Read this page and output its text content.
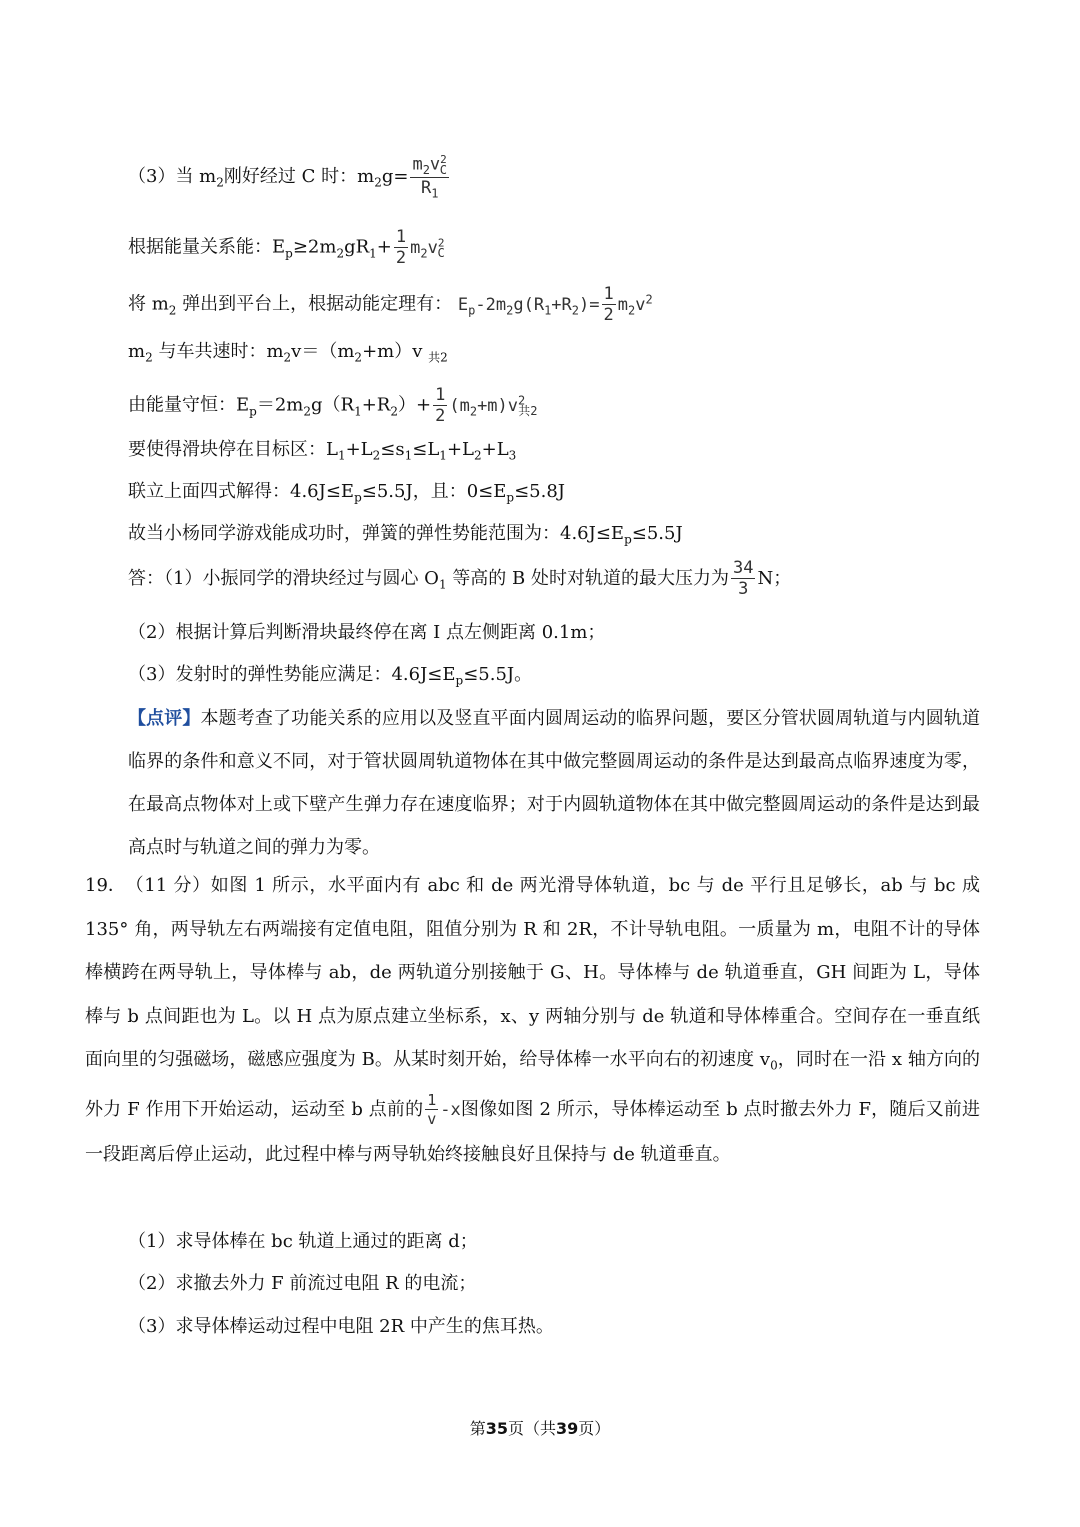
（3）当 $m_2$刚好经过 C 时：$m_2g= \frac{m_2v^2_C}{R_1}$
根据能量关系能：$E_p\ge 2m_2gR_1+ \frac{1}{2} m_2v^2_C$
将 $m_2$ 弹出到平台上，根据动能定理有： $E_p-2m_2g(R_1+R_2)= \frac{1}{2} m_2v^2$
$m_2$ 与车共速时：$m_2v=(m_2+m)v$ $_{共2}$
由能量守恒：$E_p=2m_2g(R_1+R_2)+ \frac{1}{2} (m_2+m)v^2_{共2}$
要使得滑块停在目标区：$L_1+L_2\le s_1\le L_1+L_2+L_3$
联立上面四式解得：$4.6J\le E_p\le 5.5J$，且：$0\le E_p\le 5.8J$
故当小杨同学游戏能成功时，弹簧的弹性势能范围为：$4.6J\le E_p\le 5.5J$
答：（1）小振同学的滑块经过与圆心 $O_1$ 等高的 B 处时对轨道的最大压力为 $\frac{34}{3}$ N；
（2）根据计算后判断滑块最终停在离 I 点左侧距离 0.1m；
（3）发射时的弹性势能应满足：$4.6J\le E_p\le 5.5J$。
【点评】本题考查了功能关系的应用以及竖直平面内圆周运动的临界问题，要区分管状圆周轨道与内圆轨道临界的条件和意义不同，对于管状圆周轨道物体在其中做完整圆周运动的条件是达到最高点临界速度为零，在最高点物体对上或下壁产生弹力存在速度临界；对于内圆轨道物体在其中做完整圆周运动的条件是达到最高点时与轨道之间的弹力为零。
19．（11 分）如图 1 所示，水平面内有 abc 和 de 两光滑导体轨道，bc 与 de 平行且足够长，ab 与 bc 成 135° 角，两导轨左右两端接有定值电阻，阻值分别为 R 和 2R，不计导轨电阻。一质量为 m，电阻不计的导体棒横跨在两导轨上，导体棒与 ab，de 两轨道分别接触于 G、H。导体棒与 de 轨道垂直，GH 间距为 L，导体棒与 b 点间距也为 L。以 H 点为原点建立坐标系，x、y 两轴分别与 de 轨道和导体棒重合。空间存在一垂直纸面向里的匀强磁场，磁感应强度为 B。从某时刻开始，给导体棒一水平向右的初速度 $v_0$，同时在一沿 x 轴方向的外力 F 作用下开始运动，运动至 b 点前的 $\frac{1}{v} -x$图像如图 2 所示，导体棒运动至 b 点时撤去外力 F，随后又前进一段距离后停止运动，此过程中棒与两导轨始终接触良好且保持与 de 轨道垂直。
（1）求导体棒在 bc 轨道上通过的距离 d；
（2）求撤去外力 F 前流过电阻 R 的电流；
（3）求导体棒运动过程中电阻 2R 中产生的焦耳热。
第35页（共39页）
